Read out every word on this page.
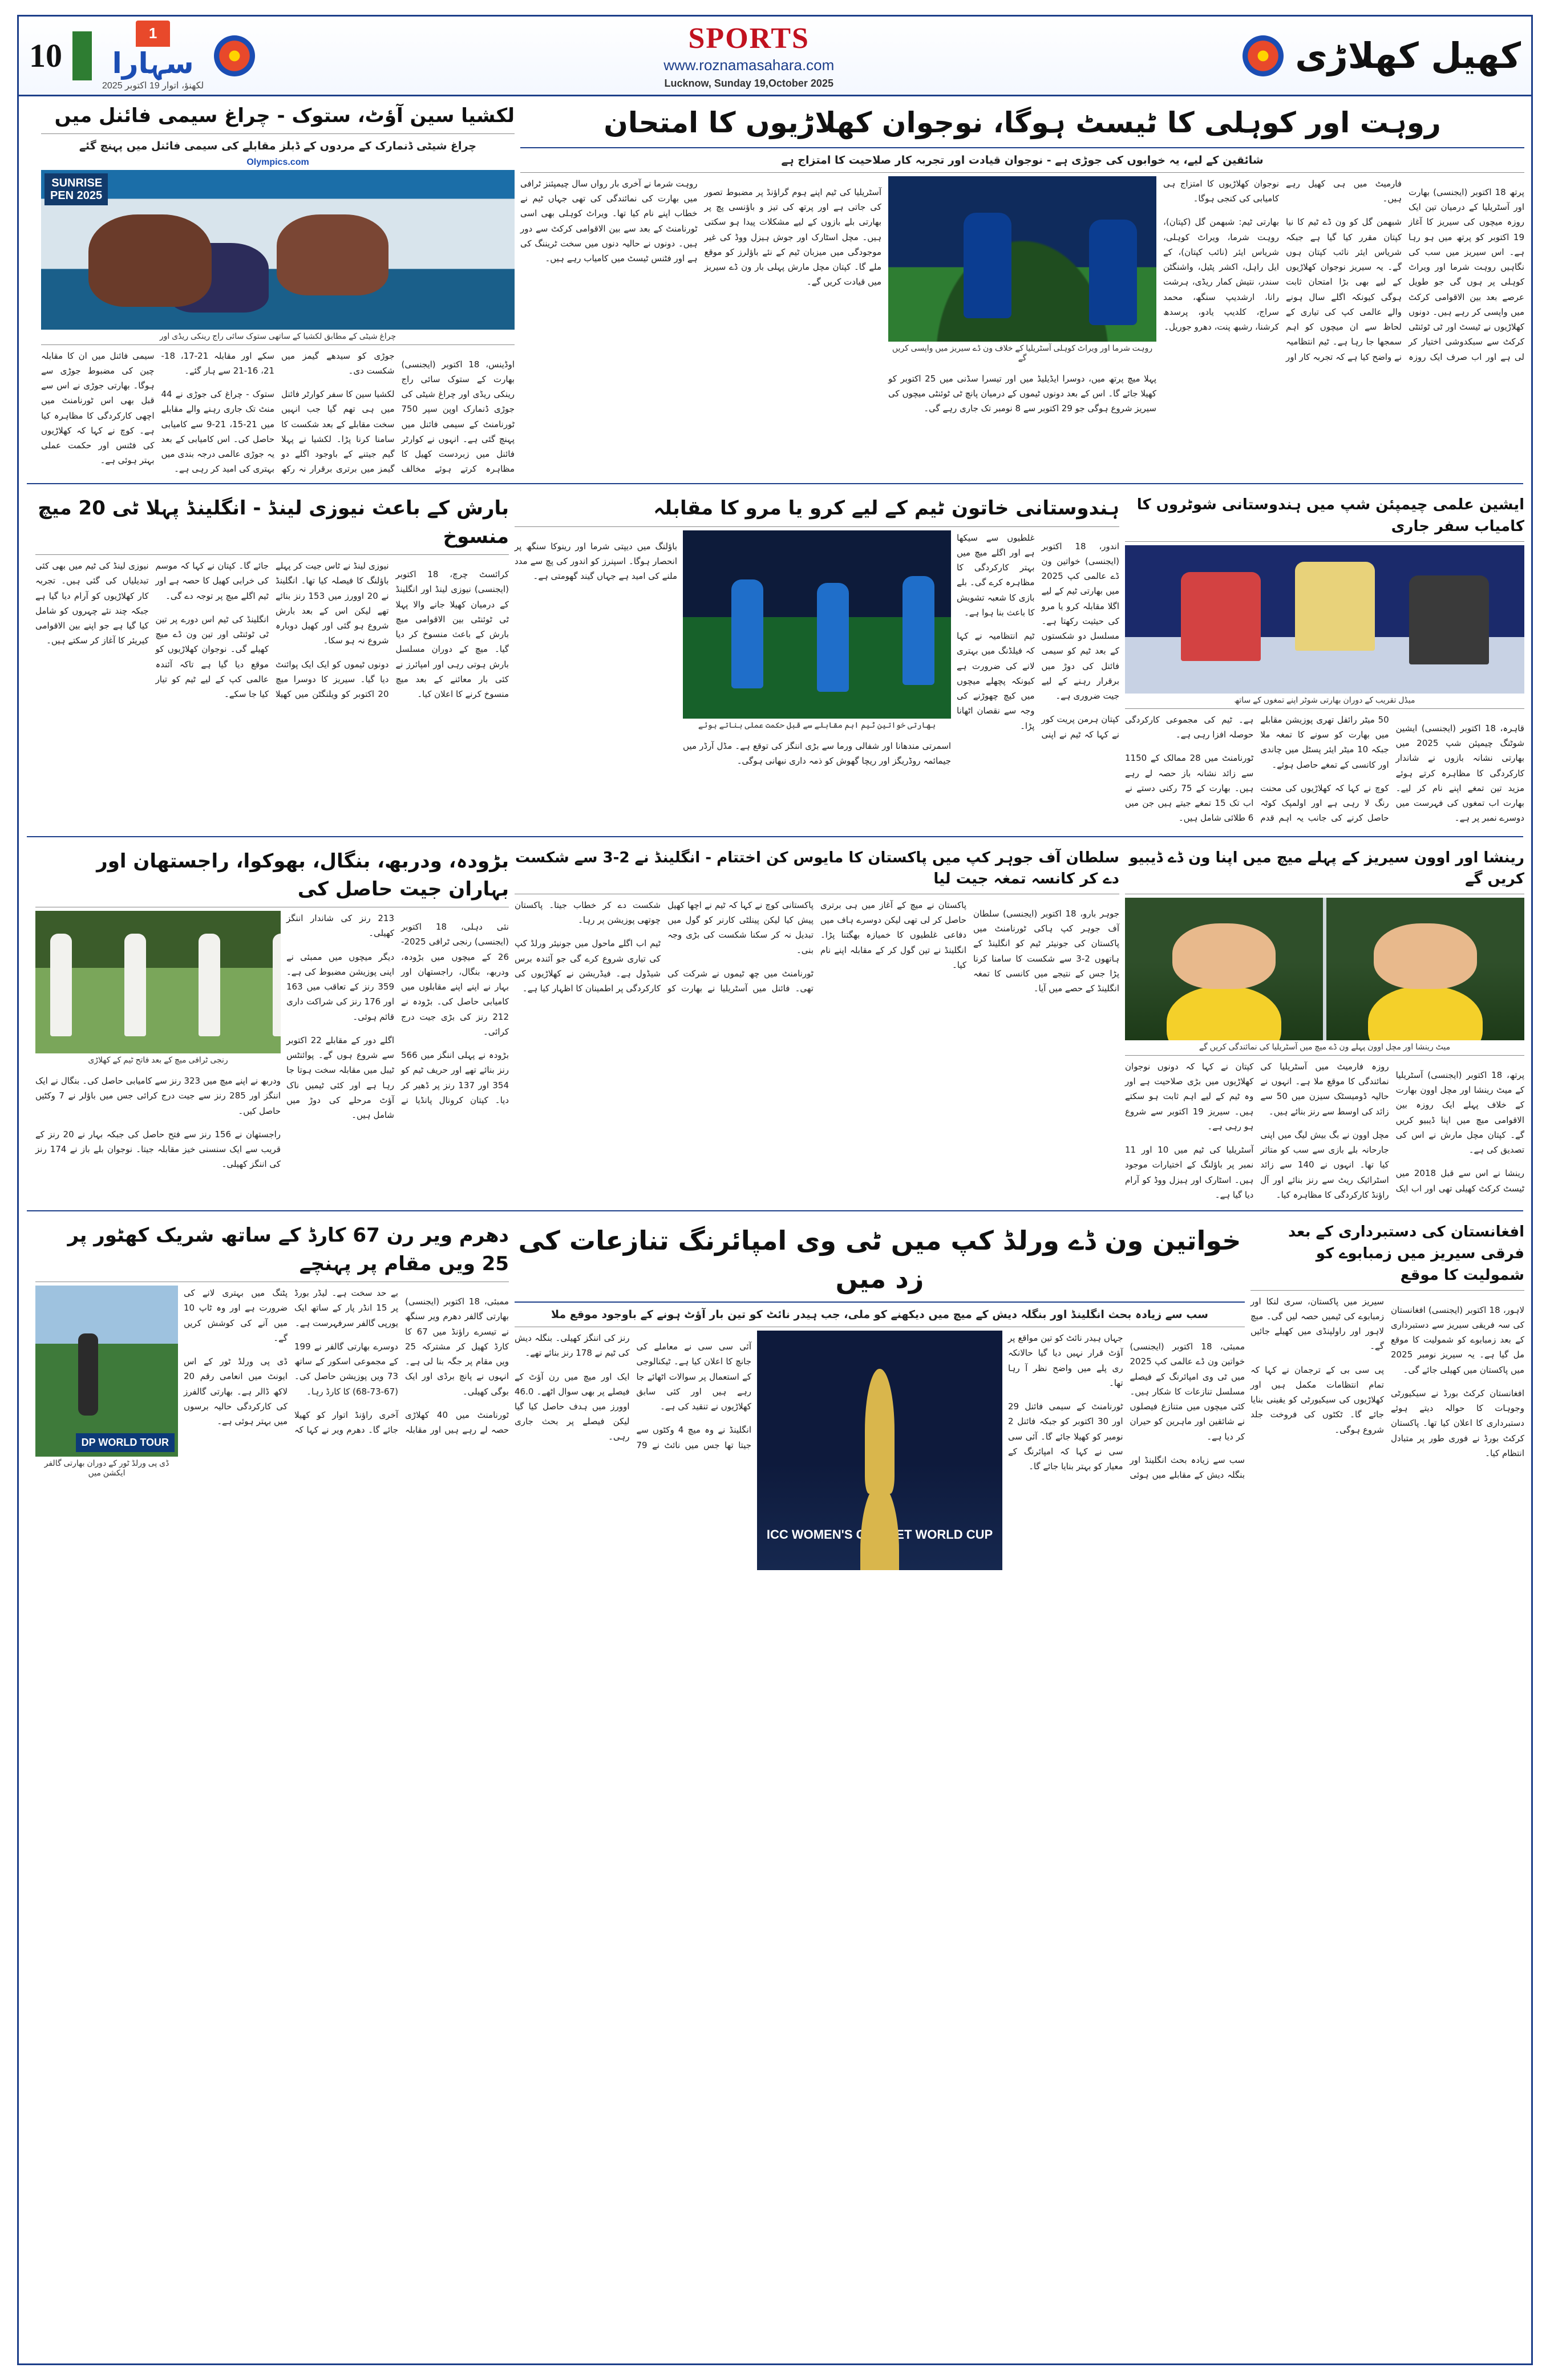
10
1 سہارا
لکھنؤ، اتوار 19 اکتوبر 2025
SPORTS
www.roznamasahara.com
Lucknow, Sunday 19,October 2025
کھیل کھلاڑی
روہت اور کوہلی کا ٹیسٹ ہوگا، نوجوان کھلاڑیوں کا امتحان
شائقین کے لیے، یہ خوابوں کی جوڑی ہے - نوجوان قیادت اور تجربہ کار صلاحیت کا امتزاج ہے

پرتھ 18 اکتوبر (ایجنسی) بھارت اور آسٹریلیا کے درمیان تین ایک روزہ میچوں کی سیریز کا آغاز 19 اکتوبر کو پرتھ میں ہو رہا ہے۔ اس سیریز میں سب کی نگاہیں روہت شرما اور ویراٹ کوہلی پر ہوں گی جو طویل عرصے بعد بین الاقوامی کرکٹ میں واپسی کر رہے ہیں۔ دونوں کھلاڑیوں نے ٹیسٹ اور ٹی ٹوئنٹی کرکٹ سے سبکدوشی اختیار کر لی ہے اور اب صرف ایک روزہ فارمیٹ میں ہی کھیل رہے ہیں۔

شبھمن گل کو ون ڈے ٹیم کا نیا کپتان مقرر کیا گیا ہے جبکہ شریاس ایئر نائب کپتان ہوں گے۔ یہ سیریز نوجوان کھلاڑیوں کے لیے بھی بڑا امتحان ثابت ہوگی کیونکہ اگلے سال ہونے والے عالمی کپ کی تیاری کے لحاظ سے ان میچوں کو اہم سمجھا جا رہا ہے۔ ٹیم انتظامیہ نے واضح کیا ہے کہ تجربہ کار اور نوجوان کھلاڑیوں کا امتزاج ہی کامیابی کی کنجی ہوگا۔

بھارتی ٹیم: شبھمن گل (کپتان)، روہت شرما، ویراٹ کوہلی، شریاس ایئر (نائب کپتان)، کے ایل راہل، اکشر پٹیل، واشنگٹن سندر، نتیش کمار ریڈی، ہرشت رانا، ارشدیپ سنگھ، محمد سراج، کلدیپ یادو، پرسدھ کرشنا، رشبھ پنت، دھرو جوریل۔

روہت شرما اور ویراٹ کوہلی آسٹریلیا کے خلاف ون ڈے سیریز میں واپسی کریں گے

پہلا میچ پرتھ میں، دوسرا ایڈیلیڈ میں اور تیسرا سڈنی میں 25 اکتوبر کو کھیلا جائے گا۔ اس کے بعد دونوں ٹیموں کے درمیان پانچ ٹی ٹوئنٹی میچوں کی سیریز شروع ہوگی جو 29 اکتوبر سے 8 نومبر تک جاری رہے گی۔

آسٹریلیا کی ٹیم اپنے ہوم گراؤنڈ پر مضبوط تصور کی جاتی ہے اور پرتھ کی تیز و باؤنسی پچ پر بھارتی بلے بازوں کے لیے مشکلات پیدا ہو سکتی ہیں۔ مچل اسٹارک اور جوش ہیزل ووڈ کی غیر موجودگی میں میزبان ٹیم کے نئے باؤلرز کو موقع ملے گا۔ کپتان مچل مارش پہلی بار ون ڈے سیریز میں قیادت کریں گے۔

روہت شرما نے آخری بار رواں سال چیمپئنز ٹرافی میں بھارت کی نمائندگی کی تھی جہاں ٹیم نے خطاب اپنے نام کیا تھا۔ ویراٹ کوہلی بھی اسی ٹورنامنٹ کے بعد سے بین الاقوامی کرکٹ سے دور ہیں۔ دونوں نے حالیہ دنوں میں سخت ٹریننگ کی ہے اور فٹنس ٹیسٹ میں کامیاب رہے ہیں۔

لکشیا سین آؤٹ، ستوک - چراغ سیمی فائنل میں
چراغ شیٹی ڈنمارک کے مردوں کے ڈبلز مقابلے کی سیمی فائنل میں پہنچ گئے
Olympics.com
SUNRISE PEN 2025
چراغ شیٹی کے مطابق لکشیا کے ساتھی ستوک سائی راج رینکی ریڈی اور

اوڈینس، 18 اکتوبر (ایجنسی) بھارت کے ستوک سائی راج رینکی ریڈی اور چراغ شیٹی کی جوڑی ڈنمارک اوپن سپر 750 ٹورنامنٹ کے سیمی فائنل میں پہنچ گئی ہے۔ انہوں نے کوارٹر فائنل میں زبردست کھیل کا مظاہرہ کرتے ہوئے مخالف جوڑی کو سیدھے گیمز میں شکست دی۔

لکشیا سین کا سفر کوارٹر فائنل میں ہی تھم گیا جب انہیں سخت مقابلے کے بعد شکست کا سامنا کرنا پڑا۔ لکشیا نے پہلا گیم جیتنے کے باوجود اگلے دو گیمز میں برتری برقرار نہ رکھ سکے اور مقابلہ 21-17، 18-21، 16-21 سے ہار گئے۔

ستوک - چراغ کی جوڑی نے 44 منٹ تک جاری رہنے والے مقابلے میں 21-15، 21-9 سے کامیابی حاصل کی۔ اس کامیابی کے بعد یہ جوڑی عالمی درجہ بندی میں بہتری کی امید کر رہی ہے۔

سیمی فائنل میں ان کا مقابلہ چین کی مضبوط جوڑی سے ہوگا۔ بھارتی جوڑی نے اس سے قبل بھی اس ٹورنامنٹ میں اچھی کارکردگی کا مظاہرہ کیا ہے۔ کوچ نے کہا کہ کھلاڑیوں کی فٹنس اور حکمت عملی بہتر ہوئی ہے۔

ایشین علمی چیمپئن شپ میں ہندوستانی شوٹروں کا کامیاب سفر جاری
میڈل تقریب کے دوران بھارتی شوٹر اپنے تمغوں کے ساتھ

قاہرہ، 18 اکتوبر (ایجنسی) ایشین شوٹنگ چیمپئن شپ 2025 میں بھارتی نشانہ بازوں نے شاندار کارکردگی کا مظاہرہ کرتے ہوئے مزید تین تمغے اپنے نام کر لیے۔ بھارت اب تمغوں کی فہرست میں دوسرے نمبر پر ہے۔

50 میٹر رائفل تھری پوزیشن مقابلے میں بھارت کو سونے کا تمغہ ملا جبکہ 10 میٹر ایئر پسٹل میں چاندی اور کانسی کے تمغے حاصل ہوئے۔

کوچ نے کہا کہ کھلاڑیوں کی محنت رنگ لا رہی ہے اور اولمپک کوٹہ حاصل کرنے کی جانب یہ اہم قدم ہے۔ ٹیم کی مجموعی کارکردگی حوصلہ افزا رہی ہے۔

ٹورنامنٹ میں 28 ممالک کے 1150 سے زائد نشانہ باز حصہ لے رہے ہیں۔ بھارت کے 75 رکنی دستے نے اب تک 15 تمغے جیتے ہیں جن میں 6 طلائی شامل ہیں۔

ہندوستانی خاتون ٹیم کے لیے کرو یا مرو کا مقابلہ

اندور، 18 اکتوبر (ایجنسی) خواتین ون ڈے عالمی کپ 2025 میں بھارتی ٹیم کے لیے اگلا مقابلہ کرو یا مرو کی حیثیت رکھتا ہے۔ مسلسل دو شکستوں کے بعد ٹیم کو سیمی فائنل کی دوڑ میں برقرار رہنے کے لیے جیت ضروری ہے۔

کپتان ہرمن پریت کور نے کہا کہ ٹیم نے اپنی غلطیوں سے سیکھا ہے اور اگلے میچ میں بہتر کارکردگی کا مظاہرہ کرے گی۔ بلے بازی کا شعبہ تشویش کا باعث بنا ہوا ہے۔

ٹیم انتظامیہ نے کہا کہ فیلڈنگ میں بہتری لانے کی ضرورت ہے کیونکہ پچھلے میچوں میں کیچ چھوڑنے کی وجہ سے نقصان اٹھانا پڑا۔

بھارتی خواتین ٹیم اہم مقابلے سے قبل حکمت عملی بناتے ہوئے

اسمرتی مندھانا اور شفالی ورما سے بڑی اننگز کی توقع ہے۔ مڈل آرڈر میں جیمائمہ روڈریگز اور ریچا گھوش کو ذمہ داری نبھانی ہوگی۔

باؤلنگ میں دیپتی شرما اور رینوکا سنگھ پر انحصار ہوگا۔ اسپنرز کو اندور کی پچ سے مدد ملنے کی امید ہے جہاں گیند گھومتی ہے۔

بارش کے باعث نیوزی لینڈ - انگلینڈ پہلا ٹی 20 میچ منسوخ

کرائسٹ چرچ، 18 اکتوبر (ایجنسی) نیوزی لینڈ اور انگلینڈ کے درمیان کھیلا جانے والا پہلا ٹی ٹوئنٹی بین الاقوامی میچ بارش کے باعث منسوخ کر دیا گیا۔ میچ کے دوران مسلسل بارش ہوتی رہی اور امپائرز نے کئی بار معائنے کے بعد میچ منسوخ کرنے کا اعلان کیا۔

نیوزی لینڈ نے ٹاس جیت کر پہلے باؤلنگ کا فیصلہ کیا تھا۔ انگلینڈ نے 20 اوورز میں 153 رنز بنائے تھے لیکن اس کے بعد بارش شروع ہو گئی اور کھیل دوبارہ شروع نہ ہو سکا۔

دونوں ٹیموں کو ایک ایک پوائنٹ دیا گیا۔ سیریز کا دوسرا میچ 20 اکتوبر کو ویلنگٹن میں کھیلا جائے گا۔ کپتان نے کہا کہ موسم کی خرابی کھیل کا حصہ ہے اور ٹیم اگلے میچ پر توجہ دے گی۔

انگلینڈ کی ٹیم اس دورے پر تین ٹی ٹوئنٹی اور تین ون ڈے میچ کھیلے گی۔ نوجوان کھلاڑیوں کو موقع دیا گیا ہے تاکہ آئندہ عالمی کپ کے لیے ٹیم کو تیار کیا جا سکے۔

نیوزی لینڈ کی ٹیم میں بھی کئی تبدیلیاں کی گئی ہیں۔ تجربہ کار کھلاڑیوں کو آرام دیا گیا ہے جبکہ چند نئے چہروں کو شامل کیا گیا ہے جو اپنے بین الاقوامی کیریئر کا آغاز کر سکتے ہیں۔

رینشا اور اوون سیریز کے پہلے میچ میں اپنا ون ڈے ڈیبیو کریں گے
میٹ رینشا اور مچل اوون پہلے ون ڈے میچ میں آسٹریلیا کی نمائندگی کریں گے

پرتھ، 18 اکتوبر (ایجنسی) آسٹریلیا کے میٹ رینشا اور مچل اوون بھارت کے خلاف پہلے ایک روزہ بین الاقوامی میچ میں اپنا ڈیبیو کریں گے۔ کپتان مچل مارش نے اس کی تصدیق کی ہے۔

رینشا نے اس سے قبل 2018 میں ٹیسٹ کرکٹ کھیلی تھی اور اب ایک روزہ فارمیٹ میں آسٹریلیا کی نمائندگی کا موقع ملا ہے۔ انہوں نے حالیہ ڈومیسٹک سیزن میں 50 سے زائد کی اوسط سے رنز بنائے ہیں۔

مچل اوون نے بگ بیش لیگ میں اپنی جارحانہ بلے بازی سے سب کو متاثر کیا تھا۔ انہوں نے 140 سے زائد اسٹرائیک ریٹ سے رنز بنائے اور آل راؤنڈ کارکردگی کا مظاہرہ کیا۔

کپتان نے کہا کہ دونوں نوجوان کھلاڑیوں میں بڑی صلاحیت ہے اور وہ ٹیم کے لیے اہم ثابت ہو سکتے ہیں۔ سیریز 19 اکتوبر سے شروع ہو رہی ہے۔

آسٹریلیا کی ٹیم میں 10 اور 11 نمبر پر باؤلنگ کے اختیارات موجود ہیں۔ اسٹارک اور ہیزل ووڈ کو آرام دیا گیا ہے۔

سلطان آف جوہر کپ میں پاکستان کا مایوس کن اختتام - انگلینڈ نے 2-3 سے شکست دے کر کانسہ تمغہ جیت لیا

جوہر بارو، 18 اکتوبر (ایجنسی) سلطان آف جوہر کپ ہاکی ٹورنامنٹ میں پاکستان کی جونیئر ٹیم کو انگلینڈ کے ہاتھوں 2-3 سے شکست کا سامنا کرنا پڑا جس کے نتیجے میں کانسی کا تمغہ انگلینڈ کے حصے میں آیا۔

پاکستان نے میچ کے آغاز میں ہی برتری حاصل کر لی تھی لیکن دوسرے ہاف میں دفاعی غلطیوں کا خمیازہ بھگتنا پڑا۔ انگلینڈ نے تین گول کر کے مقابلہ اپنے نام کیا۔

پاکستانی کوچ نے کہا کہ ٹیم نے اچھا کھیل پیش کیا لیکن پینلٹی کارنر کو گول میں تبدیل نہ کر سکنا شکست کی بڑی وجہ بنی۔

ٹورنامنٹ میں چھ ٹیموں نے شرکت کی تھی۔ فائنل میں آسٹریلیا نے بھارت کو شکست دے کر خطاب جیتا۔ پاکستان چوتھی پوزیشن پر رہا۔

ٹیم اب اگلے ماحول میں جونیئر ورلڈ کپ کی تیاری شروع کرے گی جو آئندہ برس شیڈول ہے۔ فیڈریشن نے کھلاڑیوں کی کارکردگی پر اطمینان کا اظہار کیا ہے۔

بڑودہ، ودربھ، بنگال، بھوکوا، راجستھان اور بہاران جیت حاصل کی

نئی دہلی، 18 اکتوبر (ایجنسی) رنجی ٹرافی 2025-26 کے میچوں میں بڑودہ، ودربھ، بنگال، راجستھان اور بہار نے اپنے اپنے مقابلوں میں کامیابی حاصل کی۔ بڑودہ نے 212 رنز کی بڑی جیت درج کرائی۔

بڑودہ نے پہلی اننگز میں 566 رنز بنائے تھے اور حریف ٹیم کو 354 اور 137 رنز پر ڈھیر کر دیا۔ کپتان کرونال پانڈیا نے 213 رنز کی شاندار اننگز کھیلی۔

دیگر میچوں میں ممبئی نے اپنی پوزیشن مضبوط کی ہے۔ 359 رنز کے تعاقب میں 163 اور 176 رنز کی شراکت داری قائم ہوئی۔

اگلے دور کے مقابلے 22 اکتوبر سے شروع ہوں گے۔ پوائنٹس ٹیبل میں مقابلہ سخت ہوتا جا رہا ہے اور کئی ٹیمیں ناک آؤٹ مرحلے کی دوڑ میں شامل ہیں۔

رنجی ٹرافی میچ کے بعد فاتح ٹیم کے کھلاڑی

ودربھ نے اپنے میچ میں 323 رنز سے کامیابی حاصل کی۔ بنگال نے ایک اننگز اور 285 رنز سے جیت درج کرائی جس میں باؤلر نے 7 وکٹیں حاصل کیں۔

راجستھان نے 156 رنز سے فتح حاصل کی جبکہ بہار نے 20 رنز کے قریب سے ایک سنسنی خیز مقابلہ جیتا۔ نوجوان بلے باز نے 174 رنز کی اننگز کھیلی۔

افغانستان کی دستبرداری کے بعد فرقی سیریز میں زمبابوے کو شمولیت کا موقع

لاہور، 18 اکتوبر (ایجنسی) افغانستان کی سہ فریقی سیریز سے دستبرداری کے بعد زمبابوے کو شمولیت کا موقع مل گیا ہے۔ یہ سیریز نومبر 2025 میں پاکستان میں کھیلی جائے گی۔

افغانستان کرکٹ بورڈ نے سیکیورٹی وجوہات کا حوالہ دیتے ہوئے دستبرداری کا اعلان کیا تھا۔ پاکستان کرکٹ بورڈ نے فوری طور پر متبادل انتظام کیا۔

سیریز میں پاکستان، سری لنکا اور زمبابوے کی ٹیمیں حصہ لیں گی۔ میچ لاہور اور راولپنڈی میں کھیلے جائیں گے۔

پی سی بی کے ترجمان نے کہا کہ تمام انتظامات مکمل ہیں اور کھلاڑیوں کی سیکیورٹی کو یقینی بنایا جائے گا۔ ٹکٹوں کی فروخت جلد شروع ہوگی۔

خواتین ون ڈے ورلڈ کپ میں ٹی وی امپائرنگ تنازعات کی زد میں
سب سے زیادہ بحث انگلینڈ اور بنگلہ دیش کے میچ میں دیکھنے کو ملی، جب ہیدر نائٹ کو تین بار آؤٹ ہونے کے باوجود موقع ملا

ممبئی، 18 اکتوبر (ایجنسی) خواتین ون ڈے عالمی کپ 2025 میں ٹی وی امپائرنگ کے فیصلے مسلسل تنازعات کا شکار ہیں۔ کئی میچوں میں متنازع فیصلوں نے شائقین اور ماہرین کو حیران کر دیا ہے۔

سب سے زیادہ بحث انگلینڈ اور بنگلہ دیش کے مقابلے میں ہوئی جہاں ہیدر نائٹ کو تین مواقع پر آؤٹ قرار نہیں دیا گیا حالانکہ ری پلے میں واضح نظر آ رہا تھا۔

ٹورنامنٹ کے سیمی فائنل 29 اور 30 اکتوبر کو جبکہ فائنل 2 نومبر کو کھیلا جائے گا۔ آئی سی سی نے کہا کہ امپائرنگ کے معیار کو بہتر بنایا جائے گا۔

ICC WOMEN'S CRICKET WORLD CUP ٹرافی

آئی سی سی نے معاملے کی جانچ کا اعلان کیا ہے۔ ٹیکنالوجی کے استعمال پر سوالات اٹھائے جا رہے ہیں اور کئی سابق کھلاڑیوں نے تنقید کی ہے۔

انگلینڈ نے وہ میچ 4 وکٹوں سے جیتا تھا جس میں نائٹ نے 79 رنز کی اننگز کھیلی۔ بنگلہ دیش کی ٹیم نے 178 رنز بنائے تھے۔

ایک اور میچ میں رن آؤٹ کے فیصلے پر بھی سوال اٹھے۔ 46.0 اوورز میں ہدف حاصل کیا گیا لیکن فیصلے پر بحث جاری رہی۔

دھرم ویر رن 67 کارڈ کے ساتھ شریک کھٹور پر 25 ویں مقام پر پہنچے

ممبئی، 18 اکتوبر (ایجنسی) بھارتی گالفر دھرم ویر سنگھ نے تیسرے راؤنڈ میں 67 کا کارڈ کھیل کر مشترکہ 25 ویں مقام پر جگہ بنا لی ہے۔ انہوں نے پانچ برڈی اور ایک بوگی کھیلی۔

ٹورنامنٹ میں 40 کھلاڑی حصہ لے رہے ہیں اور مقابلہ بے حد سخت ہے۔ لیڈر بورڈ پر 15 انڈر پار کے ساتھ ایک یورپی گالفر سرفہرست ہے۔

دوسرے بھارتی گالفر نے 199 کے مجموعی اسکور کے ساتھ 73 ویں پوزیشن حاصل کی۔ (67-73-68) کا کارڈ رہا۔

آخری راؤنڈ اتوار کو کھیلا جائے گا۔ دھرم ویر نے کہا کہ پٹنگ میں بہتری لانے کی ضرورت ہے اور وہ ٹاپ 10 میں آنے کی کوشش کریں گے۔

ڈی پی ورلڈ ٹور کے اس ایونٹ میں انعامی رقم 20 لاکھ ڈالر ہے۔ بھارتی گالفرز کی کارکردگی حالیہ برسوں میں بہتر ہوئی ہے۔

DP WORLD TOUR
ڈی پی ورلڈ ٹور کے دوران بھارتی گالفر ایکشن میں
